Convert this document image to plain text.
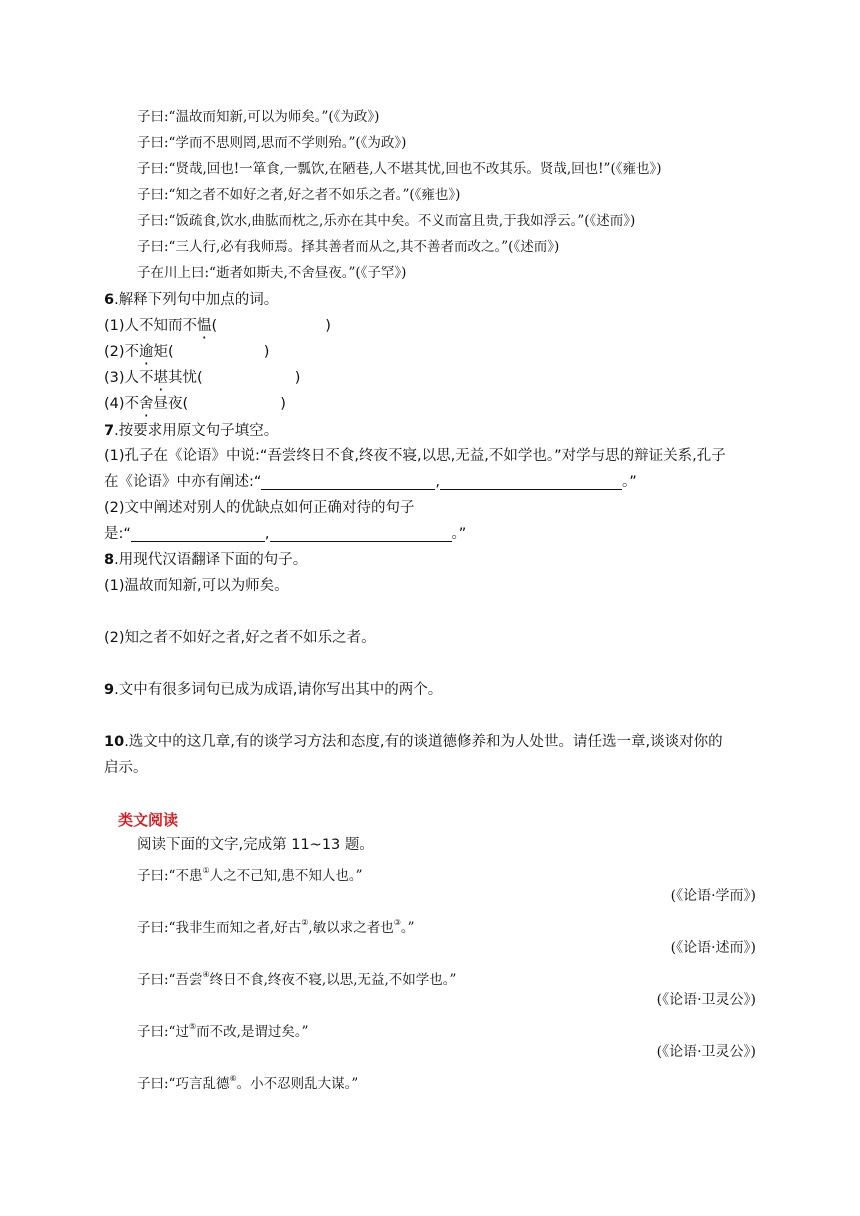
子曰:“温故而知新,可以为师矣。”(《为政》)
子曰:“学而不思则罔,思而不学则殆。”(《为政》)
子曰:“贤哉,回也!一箪食,一瓢饮,在陋巷,人不堪其忧,回也不改其乐。贤哉,回也!”(《雍也》)
子曰:“知之者不如好之者,好之者不如乐之者。”(《雍也》)
子曰:“饭疏食,饮水,曲肱而枕之,乐亦在其中矣。不义而富且贵,于我如浮云。”(《述而》)
子曰:“三人行,必有我师焉。择其善者而从之,其不善者而改之。”(《述而》)
子在川上曰:“逝者如斯夫,不舍昼夜。”(《子罕》)
6.解释下列句中加点的词。
(1)人不知而不愠(	)
(2)不逾矩(	)
(3)人不堪其忧(	)
(4)不舍昼夜(	)
7.按要求用原文句子填空。
(1)孔子在《论语》中说:“吾尝终日不食,终夜不寝,以思,无益,不如学也。”对学与思的辩证关系,孔子
在《论语》中亦有阐述:“	,	。”
(2)文中阐述对别人的优缺点如何正确对待的句子
是:“	,	。”
8.用现代汉语翻译下面的句子。
(1)温故而知新,可以为师矣。
(2)知之者不如好之者,好之者不如乐之者。
9.文中有很多词句已成为成语,请你写出其中的两个。
10.选文中的这几章,有的谈学习方法和态度,有的谈道德修养和为人处世。请任选一章,谈谈对你的
启示。
类文阅读
阅读下面的文字,完成第 11~13 题。
子曰:“不患①人之不己知,患不知人也。”
(《论语·学而》)
子曰:“我非生而知之者,好古②,敏以求之者也③。”
(《论语·述而》)
子曰:“吾尝④终日不食,终夜不寝,以思,无益,不如学也。”
(《论语·卫灵公》)
子曰:“过⑤而不改,是谓过矣。”
(《论语·卫灵公》)
子曰:“巧言乱德⑥。小不忍则乱大谋。”
